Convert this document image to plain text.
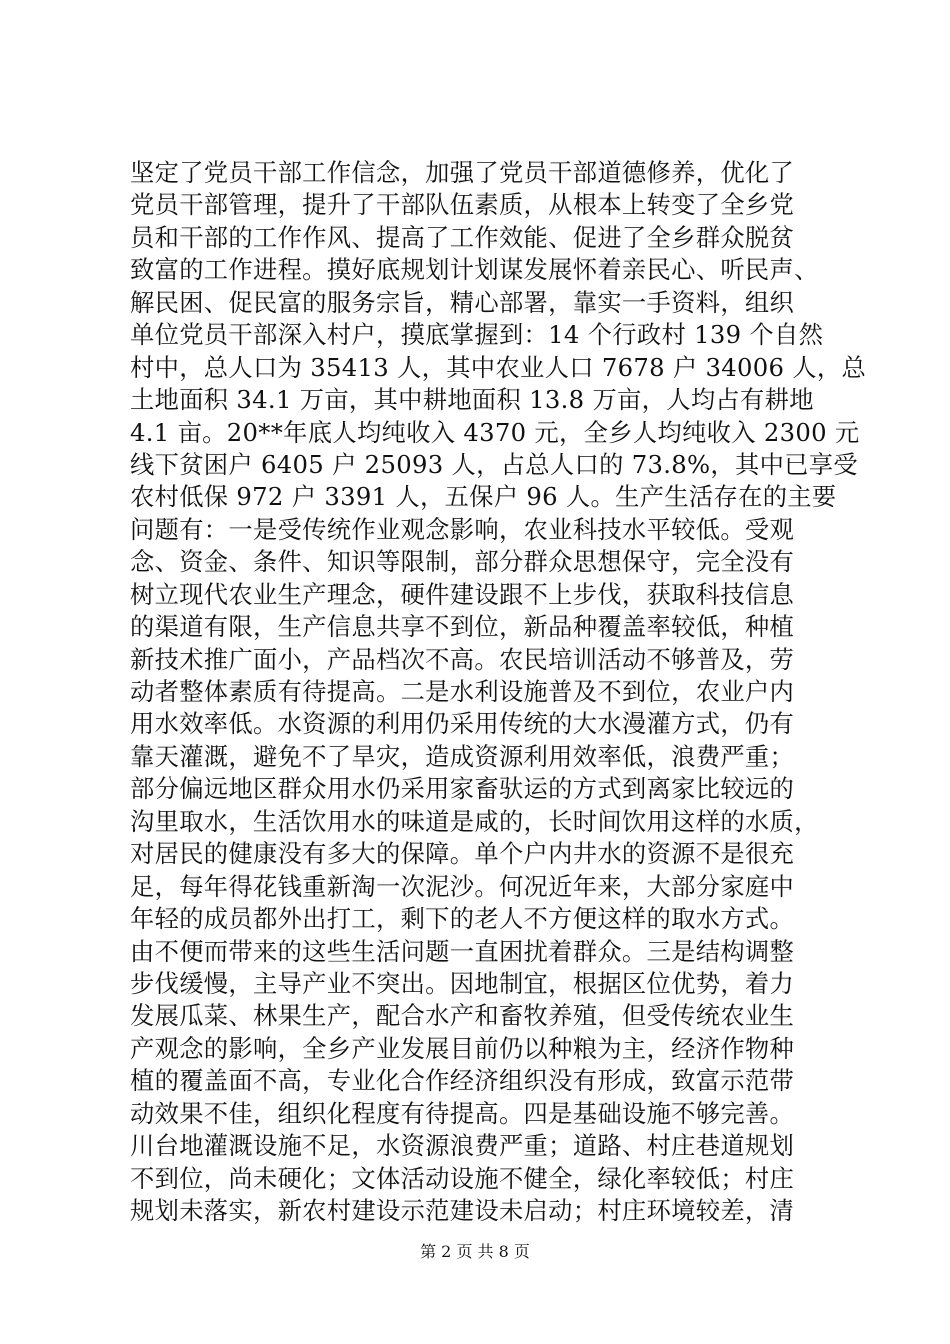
坚定了党员干部工作信念，加强了党员干部道德修养，优化了
党员干部管理，提升了干部队伍素质，从根本上转变了全乡党
员和干部的工作作风、提高了工作效能、促进了全乡群众脱贫
致富的工作进程。摸好底规划计划谋发展怀着亲民心、听民声、
解民困、促民富的服务宗旨，精心部署，靠实一手资料，组织
单位党员干部深入村户，摸底掌握到：14 个行政村 139 个自然
村中，总人口为 35413 人，其中农业人口 7678 户 34006 人，总
土地面积 34.1 万亩，其中耕地面积 13.8 万亩，人均占有耕地
4.1 亩。20**年底人均纯收入 4370 元，全乡人均纯收入 2300 元
线下贫困户 6405 户 25093 人，占总人口的 73.8%，其中已享受
农村低保 972 户 3391 人，五保户 96 人。生产生活存在的主要
问题有：一是受传统作业观念影响，农业科技水平较低。受观
念、资金、条件、知识等限制，部分群众思想保守，完全没有
树立现代农业生产理念，硬件建设跟不上步伐，获取科技信息
的渠道有限，生产信息共享不到位，新品种覆盖率较低，种植
新技术推广面小，产品档次不高。农民培训活动不够普及，劳
动者整体素质有待提高。二是水利设施普及不到位，农业户内
用水效率低。水资源的利用仍采用传统的大水漫灌方式，仍有
靠天灌溉，避免不了旱灾，造成资源利用效率低，浪费严重；
部分偏远地区群众用水仍采用家畜驮运的方式到离家比较远的
沟里取水，生活饮用水的味道是咸的，长时间饮用这样的水质，
对居民的健康没有多大的保障。单个户内井水的资源不是很充
足，每年得花钱重新淘一次泥沙。何况近年来，大部分家庭中
年轻的成员都外出打工，剩下的老人不方便这样的取水方式。
由不便而带来的这些生活问题一直困扰着群众。三是结构调整
步伐缓慢，主导产业不突出。因地制宜，根据区位优势，着力
发展瓜菜、林果生产，配合水产和畜牧养殖，但受传统农业生
产观念的影响，全乡产业发展目前仍以种粮为主，经济作物种
植的覆盖面不高，专业化合作经济组织没有形成，致富示范带
动效果不佳，组织化程度有待提高。四是基础设施不够完善。
川台地灌溉设施不足，水资源浪费严重；道路、村庄巷道规划
不到位，尚未硬化；文体活动设施不健全，绿化率较低；村庄
规划未落实，新农村建设示范建设未启动；村庄环境较差，清
第 2 页 共 8 页
